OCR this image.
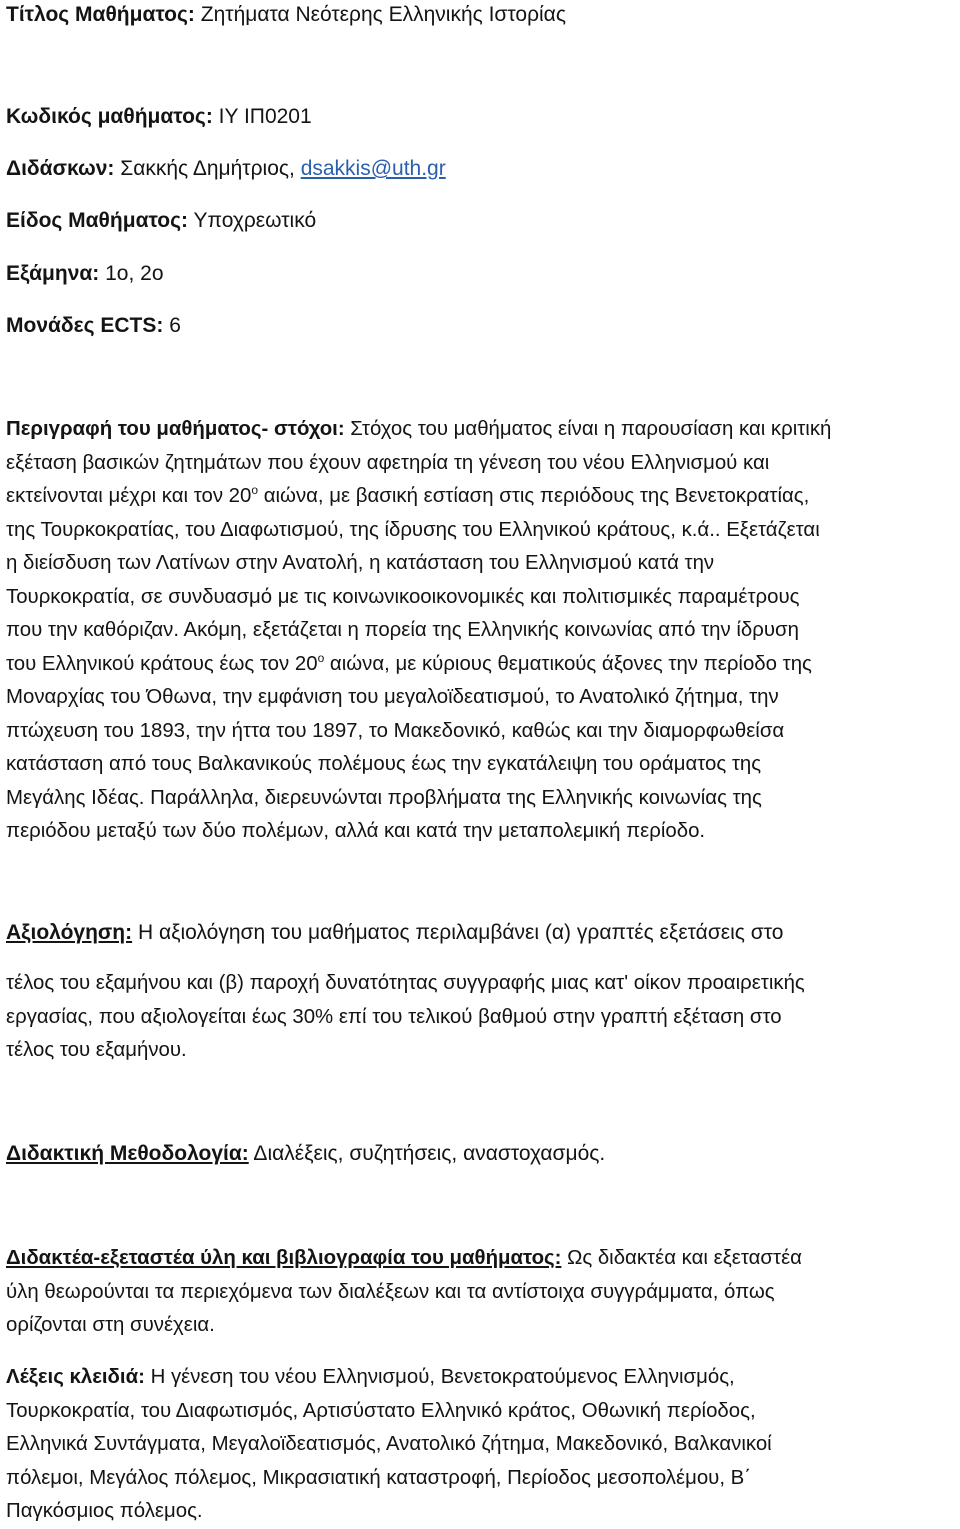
Τίτλος Μαθήματος: Ζητήματα Νεότερης Ελληνικής Ιστορίας
Κωδικός μαθήματος: ΙΥ ΙΠ0201
Διδάσκων: Σακκής Δημήτριος, dsakkis@uth.gr
Είδος Μαθήματος: Υποχρεωτικό
Εξάμηνα: 1ο, 2ο
Μονάδες ECTS: 6
Περιγραφή του μαθήματος- στόχοι: Στόχος του μαθήματος είναι η παρουσίαση και κριτική
εξέταση βασικών ζητημάτων που έχουν αφετηρία τη γένεση του νέου Ελληνισμού και
εκτείνονται μέχρι και τον $20^o$ αιώνα, με βασική εστίαση στις περιόδους της Βενετοκρατίας,
της Τουρκοκρατίας, του Διαφωτισμού, της ίδρυσης του Ελληνικού κράτους, κ.ά.. Εξετάζεται
η διείσδυση των Λατίνων στην Ανατολή, η κατάσταση του Ελληνισμού κατά την
Τουρκοκρατία, σε συνδυασμό με τις κοινωνικοοικονομικές και πολιτισμικές παραμέτρους
που την καθόριζαν. Ακόμη, εξετάζεται η πορεία της Ελληνικής κοινωνίας από την ίδρυση
του Ελληνικού κράτους έως τον $20^o$ αιώνα, με κύριους θεματικούς άξονες την περίοδο της
Μοναρχίας του Όθωνα, την εμφάνιση του μεγαλοϊδεατισμού, το Ανατολικό ζήτημα, την
πτώχευση του 1893, την ήττα του 1897, το Μακεδονικό, καθώς και την διαμορφωθείσα
κατάσταση από τους Βαλκανικούς πολέμους έως την εγκατάλειψη του οράματος της
Μεγάλης Ιδέας. Παράλληλα, διερευνώνται προβλήματα της Ελληνικής κοινωνίας της
περιόδου μεταξύ των δύο πολέμων, αλλά και κατά την μεταπολεμική περίοδο.
Αξιολόγηση: Η αξιολόγηση του μαθήματος περιλαμβάνει (α) γραπτές εξετάσεις στο
τέλος του εξαμήνου και (β) παροχή δυνατότητας συγγραφής μιας κατ' οίκον προαιρετικής
εργασίας, που αξιολογείται έως 30% επί του τελικού βαθμού στην γραπτή εξέταση στο
τέλος του εξαμήνου.
Διδακτική Μεθοδολογία: Διαλέξεις, συζητήσεις, αναστοχασμός.
Διδακτέα-εξεταστέα ύλη και βιβλιογραφία του μαθήματος: Ως διδακτέα και εξεταστέα
ύλη θεωρούνται τα περιεχόμενα των διαλέξεων και τα αντίστοιχα συγγράμματα, όπως
ορίζονται στη συνέχεια.
Λέξεις κλειδιά: Η γένεση του νέου Ελληνισμού, Βενετοκρατούμενος Ελληνισμός,
Τουρκοκρατία, του Διαφωτισμός, Αρτισύστατο Ελληνικό κράτος, Οθωνική περίοδος,
Ελληνικά Συντάγματα, Μεγαλοϊδεατισμός, Ανατολικό ζήτημα, Μακεδονικό, Βαλκανικοί
πόλεμοι, Μεγάλος πόλεμος, Μικρασιατική καταστροφή, Περίοδος μεσοπολέμου, Β΄
Παγκόσμιος πόλεμος.
